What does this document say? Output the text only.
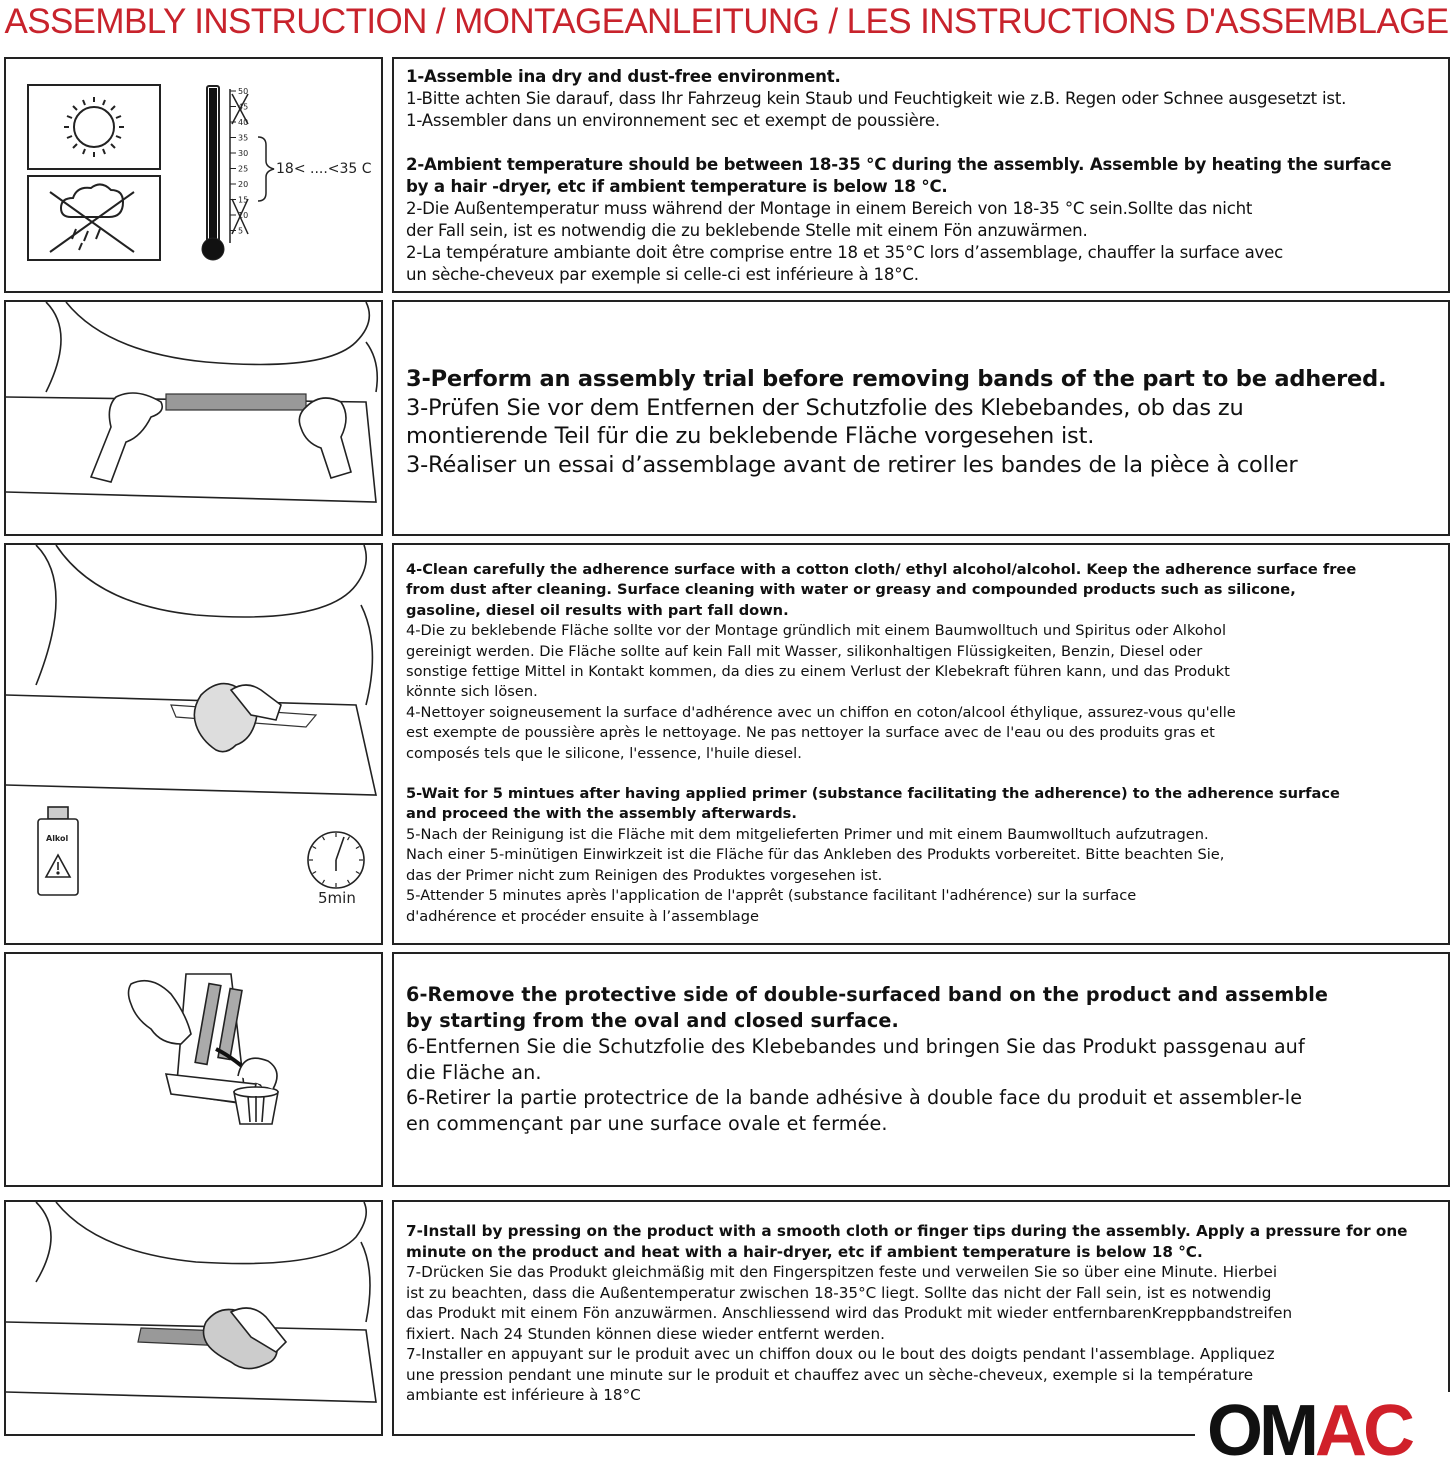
ASSEMBLY INSTRUCTION / MONTAGEANLEITUNG / LES INSTRUCTIONS D'ASSEMBLAGE
50
45
40
35
30
25
20
15
10
5
18< ....<35 C

1-Assemble ina dry and dust-free environment.

1-Bitte achten Sie darauf, dass Ihr Fahrzeug kein Staub und Feuchtigkeit wie z.B. Regen oder Schnee ausgesetzt ist.

1-Assembler dans un environnement sec et exempt de poussière.

2-Ambient temperature should be between 18-35 °C during the assembly. Assemble by heating the surface

by a hair -dryer, etc if ambient temperature is below 18 °C.

2-Die Außentemperatur muss während der Montage in einem Bereich von 18-35 °C sein.Sollte das nicht

der Fall sein, ist es notwendig die zu beklebende Stelle mit einem Fön anzuwärmen.

2-La température ambiante doit être comprise entre 18 et 35°C lors d’assemblage, chauffer la surface avec

un sèche-cheveux par exemple si celle-ci est inférieure à 18°C.

3-Perform an assembly trial before removing bands of the part to be adhered.

3-Prüfen Sie vor dem Entfernen der Schutzfolie des Klebebandes, ob das zu

montierende Teil für die zu beklebende Fläche vorgesehen ist.

3-Réaliser un essai d’assemblage avant de retirer les bandes de la pièce à coller

Alkol
5min

4-Clean carefully the adherence surface with a cotton cloth/ ethyl alcohol/alcohol. Keep the adherence surface free

from dust after cleaning. Surface cleaning with water or greasy and compounded products such as silicone,

gasoline, diesel oil results with part fall down.

4-Die zu beklebende Fläche sollte vor der Montage gründlich mit einem Baumwolltuch und Spiritus oder Alkohol

gereinigt werden. Die Fläche sollte auf kein Fall mit Wasser, silikonhaltigen Flüssigkeiten, Benzin, Diesel oder

sonstige fettige Mittel in Kontakt kommen, da dies zu einem Verlust der Klebekraft führen kann, und das Produkt

könnte sich lösen.

4-Nettoyer soigneusement la surface d'adhérence avec un chiffon en coton/alcool éthylique, assurez-vous qu'elle

est exempte de poussière après le nettoyage. Ne pas nettoyer la surface avec de l'eau ou des produits gras et

composés tels que le silicone, l'essence, l'huile diesel.

5-Wait for 5 mintues after having applied primer (substance facilitating the adherence) to the adherence surface

and proceed the with the assembly afterwards.

5-Nach der Reinigung ist die Fläche mit dem mitgelieferten Primer und mit einem Baumwolltuch aufzutragen.

Nach einer 5-minütigen Einwirkzeit ist die Fläche für das Ankleben des Produkts vorbereitet. Bitte beachten Sie,

das der Primer nicht zum Reinigen des Produktes vorgesehen ist.

5-Attender 5 minutes après l'application de l'apprêt (substance facilitant l'adhérence) sur la surface

d'adhérence et procéder ensuite à l’assemblage

6-Remove the protective side of double-surfaced band on the product and assemble

by starting from the oval and closed surface.

6-Entfernen Sie die Schutzfolie des Klebebandes und bringen Sie das Produkt passgenau auf

die Fläche an.

6-Retirer la partie protectrice de la bande adhésive à double face du produit et assembler-le

en commençant par une surface ovale et fermée.

7-Install by pressing on the product with a smooth cloth or finger tips during the assembly. Apply a pressure for one

minute on the product and heat with a hair-dryer, etc if ambient temperature is below 18 °C.

7-Drücken Sie das Produkt gleichmäßig mit den Fingerspitzen feste und verweilen Sie so über eine Minute. Hierbei

ist zu beachten, dass die Außentemperatur zwischen 18-35°C liegt. Sollte das nicht der Fall sein, ist es notwendig

das Produkt mit einem Fön anzuwärmen. Anschliessend wird das Produkt mit wieder entfernbarenKreppbandstreifen

fixiert. Nach 24 Stunden können diese wieder entfernt werden.

7-Installer en appuyant sur le produit avec un chiffon doux ou le bout des doigts pendant l'assemblage. Appliquez

une pression pendant une minute sur le produit et chauffez avec un sèche-cheveux, exemple si la température

ambiante est inférieure à 18°C	OMAC
